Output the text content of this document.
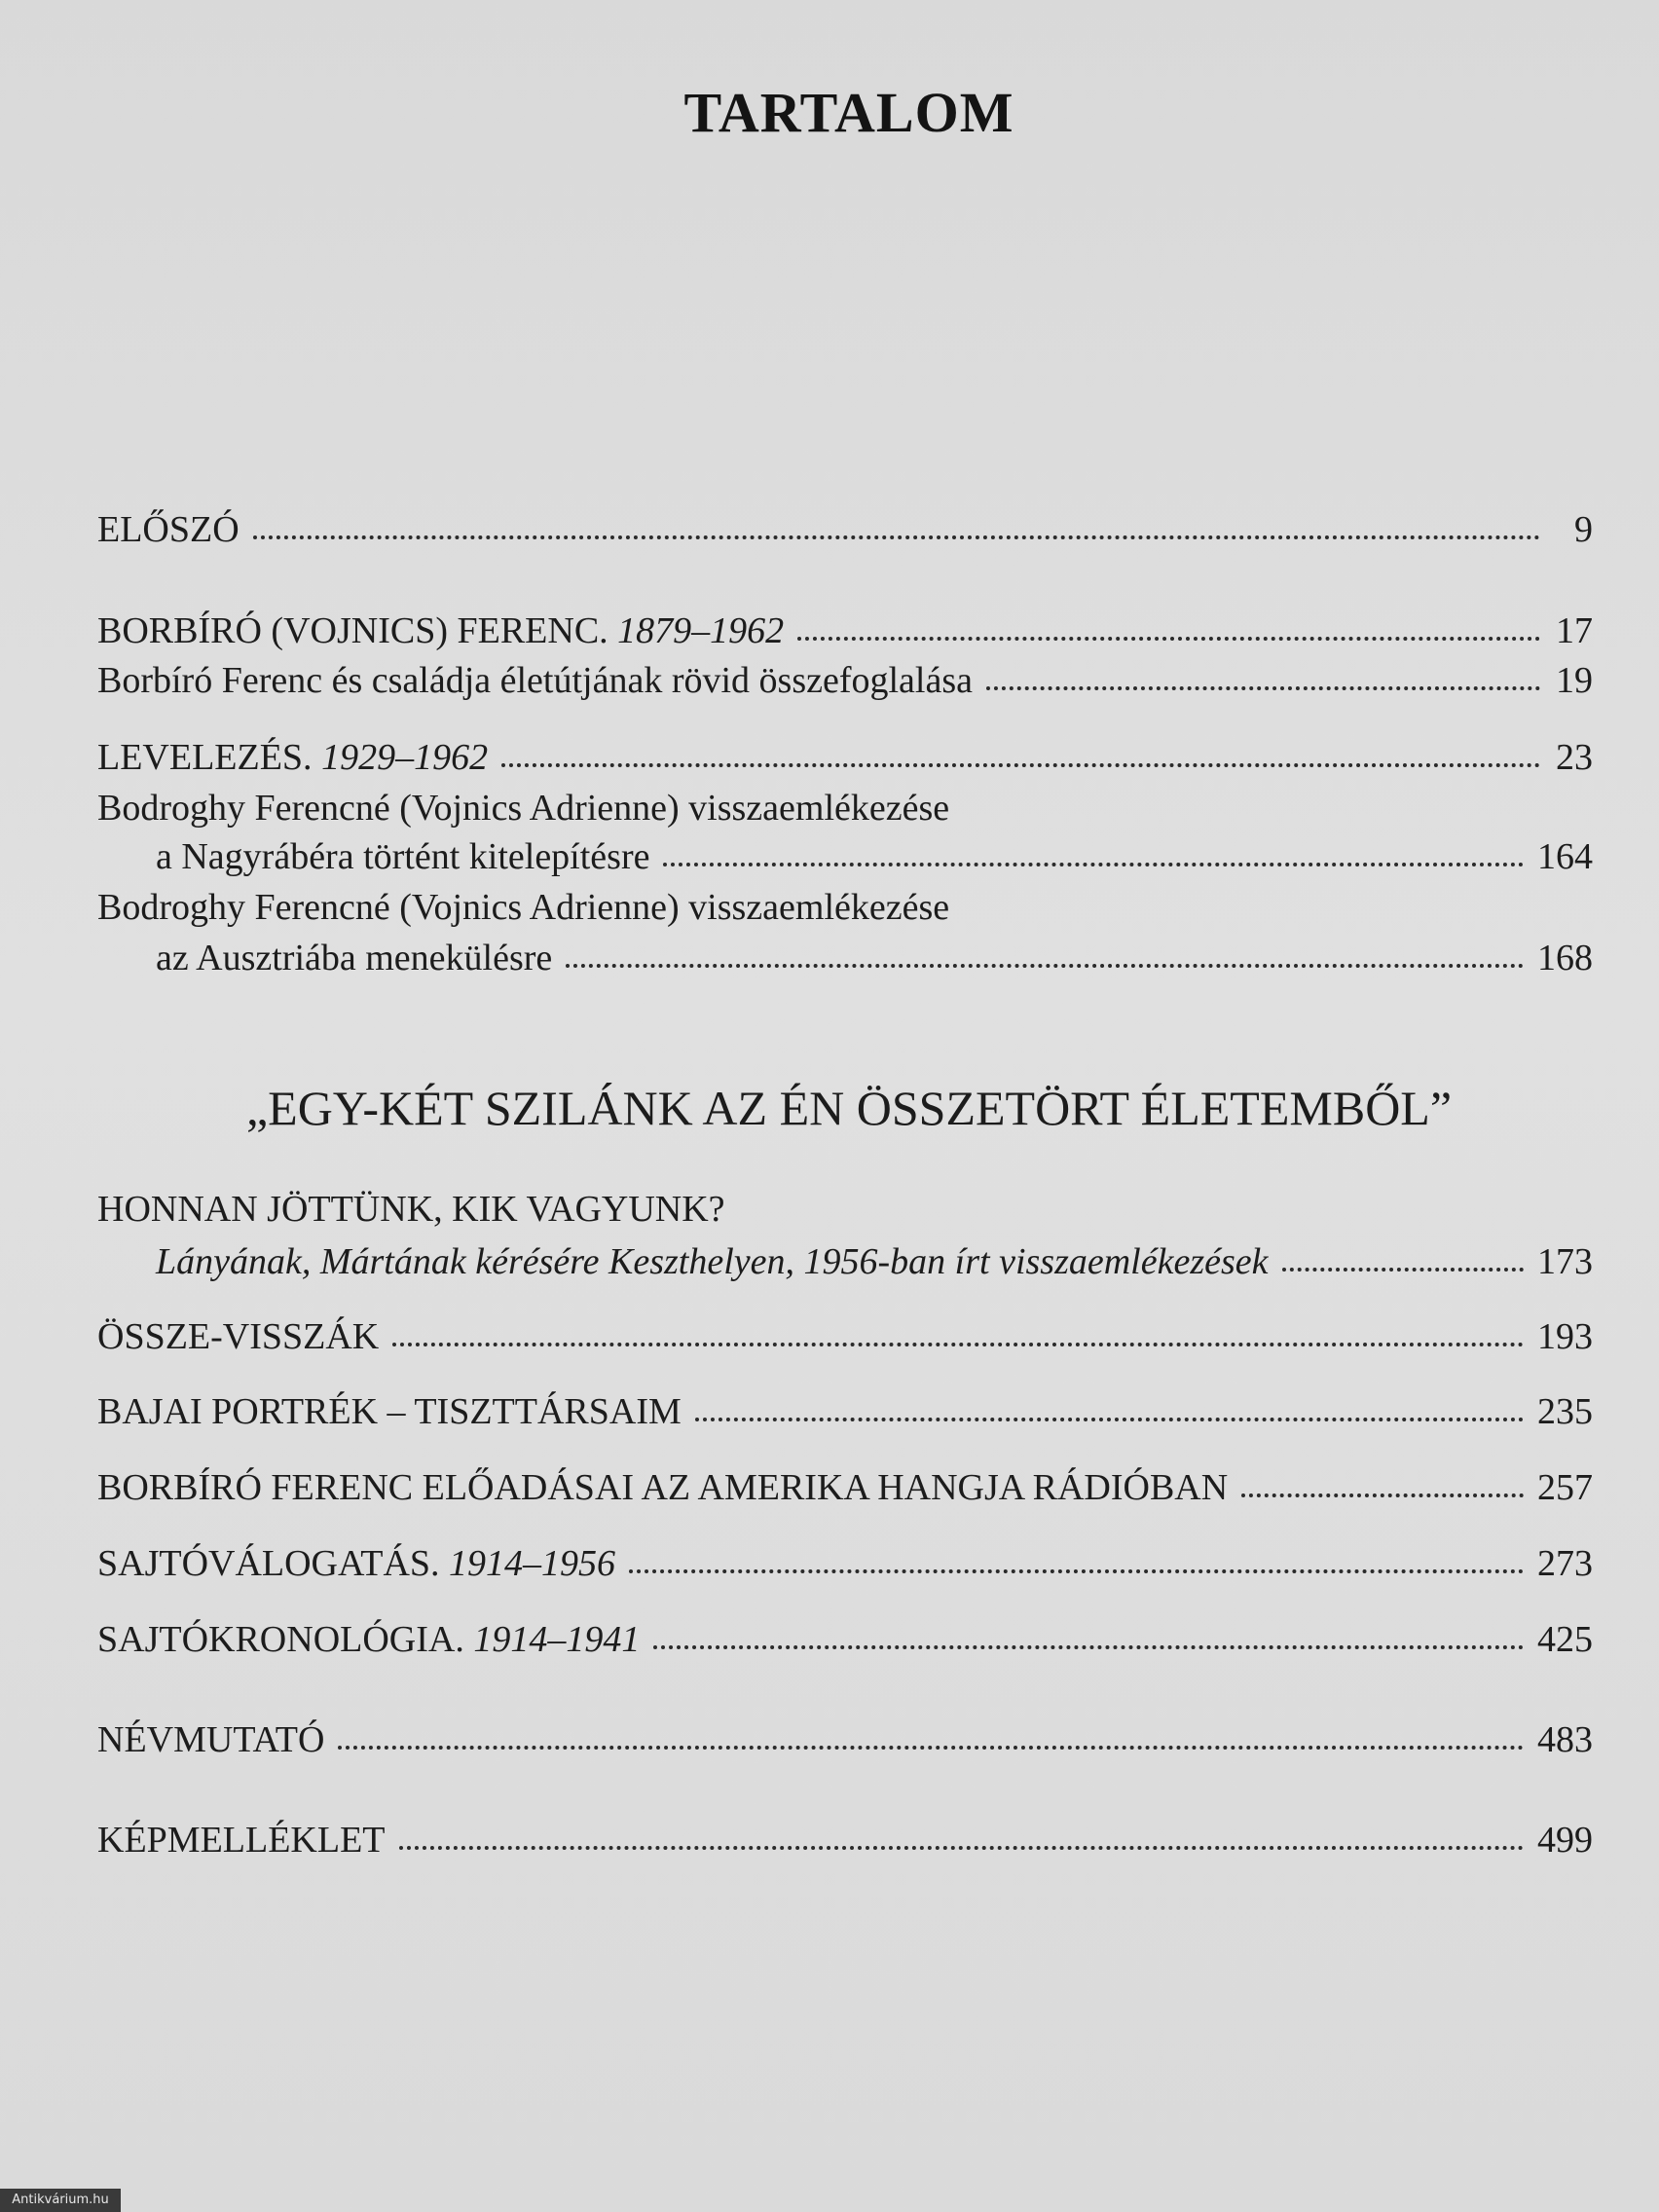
TARTALOM
ELŐSZÓ	9
BORBÍRÓ (VOJNICS) FERENC. 1879–1962	17
Borbíró Ferenc és családja életútjának rövid összefoglalása	19
LEVELEZÉS. 1929–1962	23
Bodroghy Ferencné (Vojnics Adrienne) visszaemlékezése
a Nagyrábéra történt kitelepítésre	164
Bodroghy Ferencné (Vojnics Adrienne) visszaemlékezése
az Ausztriába menekülésre	168
„EGY-KÉT SZILÁNK AZ ÉN ÖSSZETÖRT ÉLETEMBŐL”
HONNAN JÖTTÜNK, KIK VAGYUNK?
Lányának, Mártának kérésére Keszthelyen, 1956-ban írt visszaemlékezések	173
ÖSSZE-VISSZÁK	193
BAJAI PORTRÉK – TISZTTÁRSAIM	235
BORBÍRÓ FERENC ELŐADÁSAI AZ AMERIKA HANGJA RÁDIÓBAN	257
SAJTÓVÁLOGATÁS. 1914–1956	273
SAJTÓKRONOLÓGIA. 1914–1941	425
NÉVMUTATÓ	483
KÉPMELLÉKLET	499
Antikvárium.hu
